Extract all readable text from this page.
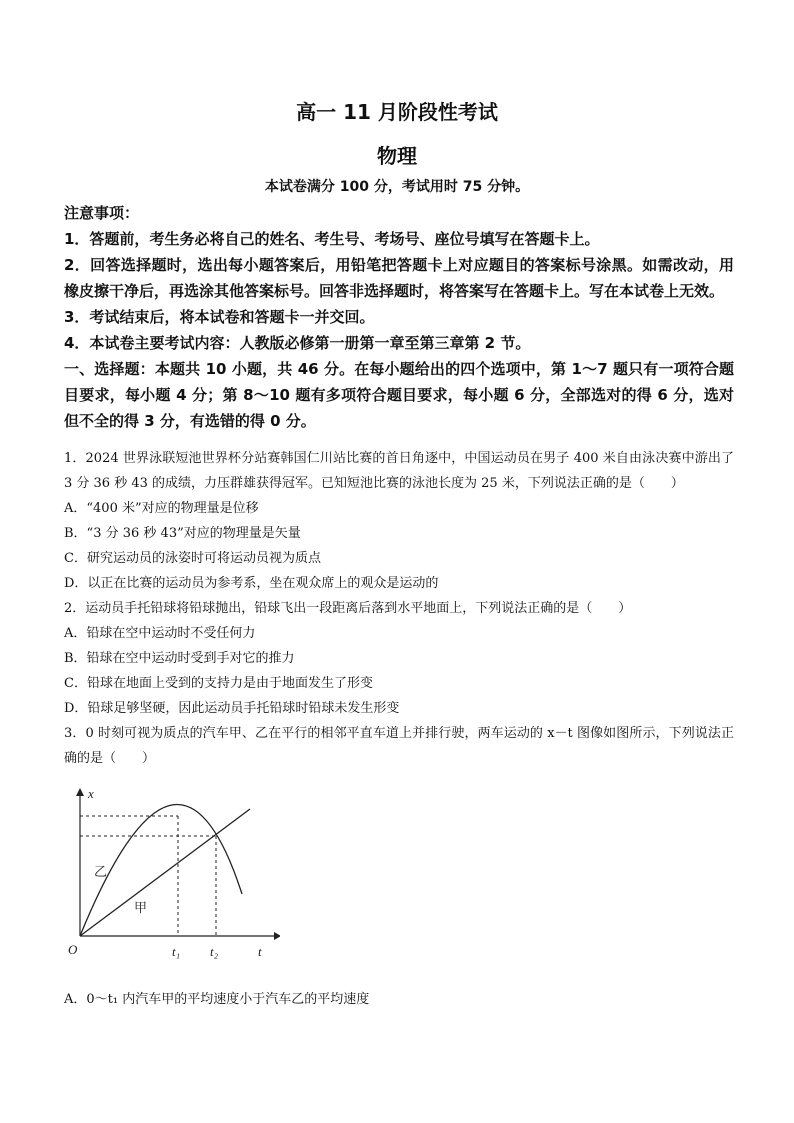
高一 11 月阶段性考试
物理
本试卷满分 100 分，考试用时 75 分钟。
注意事项：
1．答题前，考生务必将自己的姓名、考生号、考场号、座位号填写在答题卡上。
2．回答选择题时，选出每小题答案后，用铅笔把答题卡上对应题目的答案标号涂黑。如需改动，用橡皮擦干净后，再选涂其他答案标号。回答非选择题时，将答案写在答题卡上。写在本试卷上无效。
3．考试结束后，将本试卷和答题卡一并交回。
4．本试卷主要考试内容：人教版必修第一册第一章至第三章第 2 节。
一、选择题：本题共 10 小题，共 46 分。在每小题给出的四个选项中，第 1～7 题只有一项符合题目要求，每小题 4 分；第 8～10 题有多项符合题目要求，每小题 6 分，全部选对的得 6 分，选对但不全的得 3 分，有选错的得 0 分。
1．2024 世界泳联短池世界杯分站赛韩国仁川站比赛的首日角逐中，中国运动员在男子 400 米自由泳决赛中游出了 3 分 36 秒 43 的成绩，力压群雄获得冠军。已知短池比赛的泳池长度为 25 米，下列说法正确的是（　　）
A．“400 米”对应的物理量是位移
B．“3 分 36 秒 43”对应的物理量是矢量
C．研究运动员的泳姿时可将运动员视为质点
D．以正在比赛的运动员为参考系，坐在观众席上的观众是运动的
2．运动员手托铅球将铅球抛出，铅球飞出一段距离后落到水平地面上，下列说法正确的是（　　）
A．铅球在空中运动时不受任何力
B．铅球在空中运动时受到手对它的推力
C．铅球在地面上受到的支持力是由于地面发生了形变
D．铅球足够坚硬，因此运动员手托铅球时铅球未发生形变
3．0 时刻可视为质点的汽车甲、乙在平行的相邻平直车道上并排行驶，两车运动的 x－t 图像如图所示，下列说法正确的是（　　）
x
O	t
t₁ t₂
乙
甲
A．0～t₁ 内汽车甲的平均速度小于汽车乙的平均速度
